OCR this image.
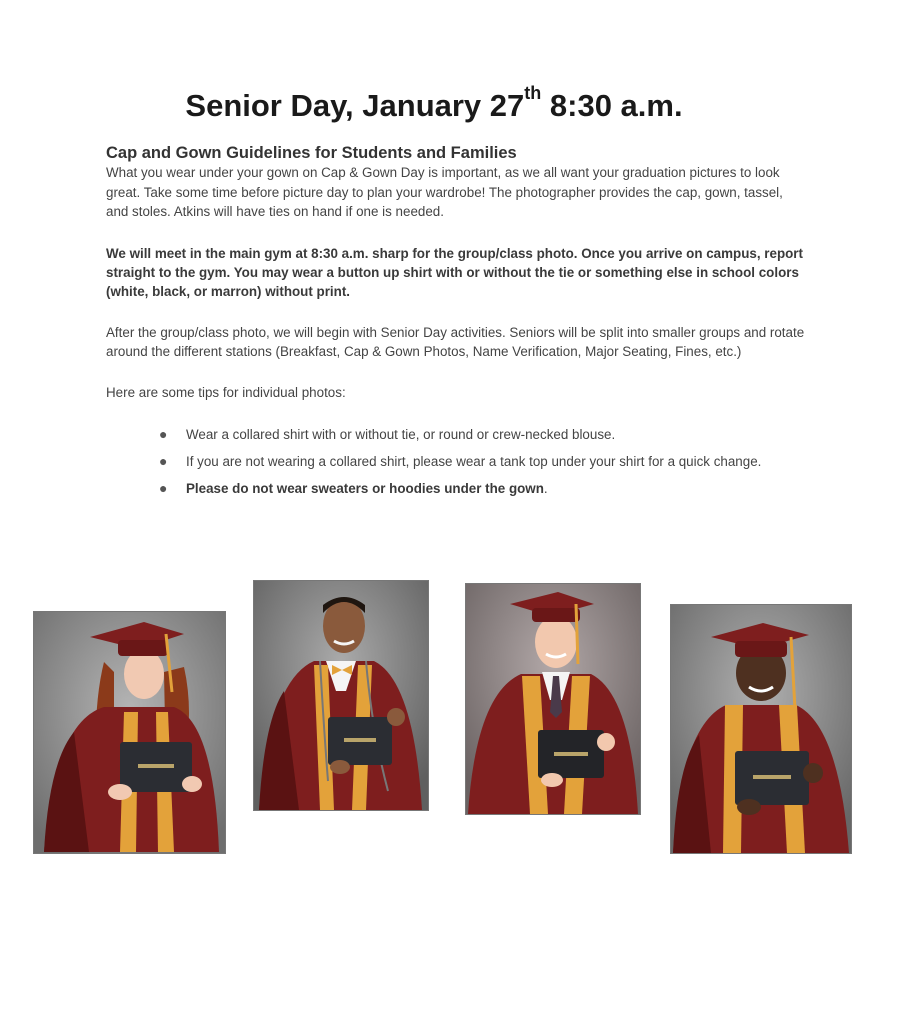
Senior Day, January 27th 8:30 a.m.
Cap and Gown Guidelines for Students and Families

What you wear under your gown on Cap & Gown Day is important, as we all want your graduation pictures to look great. Take some time before picture day to plan your wardrobe! The photographer provides the cap, gown, tassel, and stoles. Atkins will have ties on hand if one is needed.

We will meet in the main gym at 8:30 a.m. sharp for the group/class photo. Once you arrive on campus, report straight to the gym. You may wear a button up shirt with or without the tie or something else in school colors (white, black, or marron) without print.

After the group/class photo, we will begin with Senior Day activities. Seniors will be split into smaller groups and rotate around the different stations (Breakfast, Cap & Gown Photos, Name Verification, Major Seating, Fines, etc.)

Here are some tips for individual photos:

● Wear a collared shirt with or without tie, or round or crew-necked blouse.
● If you are not wearing a collared shirt, please wear a tank top under your shirt for a quick change.
● Please do not wear sweaters or hoodies under the gown.
